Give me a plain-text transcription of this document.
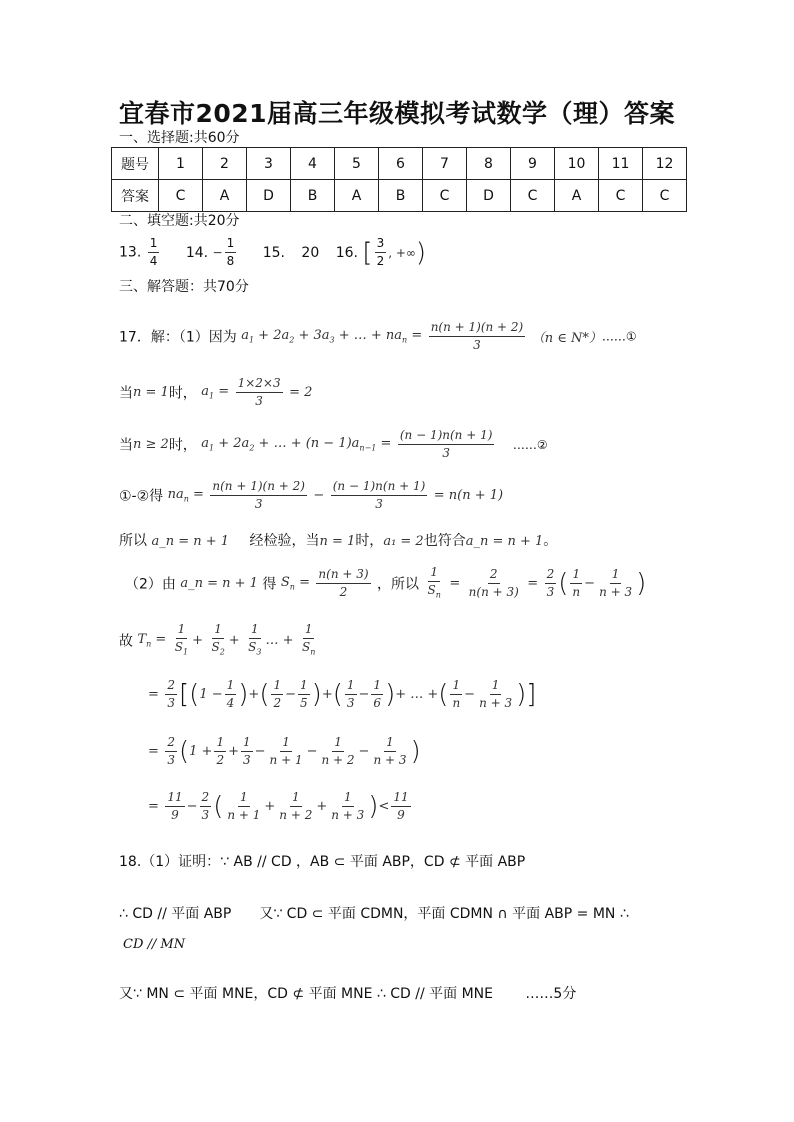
宜春市2021届高三年级模拟考试数学（理）答案
一、选择题:共60分
题号	1	2	3	4	5	6	7	8	9	10	11	12
答案	C	A	D	B	A	B	C	D	C	A	C	C
二、填空题:共20分
13. $\frac{1}{4} 14$. − $\frac{1}{8} 15$. 20 16. [ $\frac{3}{2}$ , +∞)
三、解答题：共70分
17．解：（1）因为 $a_1 + 2a_2 + 3a_3$ + … + $na_n = \frac{n(n + 1)(n + 2)}{3} (n$ ∈ N*）……①
当n = 1时， $a_1 = \frac{1\times 2\times 3}{3} = 2$
当n ≥ 2时， $a_1 + 2a_2$ + … + $(n - 1)a_{n-1} = \frac{(n - 1)n(n + 1)}{3}$ ……②
①-②得 $na_n = \frac{n(n + 1)(n + 2)}{3} - \frac{(n - 1)n(n + 1)}{3} = n(n + 1)$
所以 a_n = n + 1 经检验，当n = 1时，a₁ = 2也符合a_n = n + 1。
（2）由 a_n = n + 1 得 $S_n = \frac{n(n + 3)}{2}$ ，所以 $\frac{1}{S_n} = \frac{2}{n(n + 3)} = \frac{2}{3}$ ( $\frac{1}{n} - \frac{1}{n + 3}$ )
故 $T_n = \frac{1}{S_1} + \frac{1}{S_2} + \frac{1}{S_3}$ … + $\frac{1}{S_n}$
= $\frac{2}{3} [(1 - \frac{1}{4}$ )+( $\frac{1}{2} - \frac{1}{5}$ )+( $\frac{1}{3} - \frac{1}{6}$ )+ … +( $\frac{1}{n} - \frac{1}{n + 3}$ )]
= $\frac{2}{3} (1 + \frac{1}{2} + \frac{1}{3} - \frac{1}{n + 1} - \frac{1}{n + 2} - \frac{1}{n + 3}$ )
= $\frac{11}{9} - \frac{2}{3}$ ( $\frac{1}{n + 1} + \frac{1}{n + 2} + \frac{1}{n + 3}$ )< $\frac{11}{9}$
18.（1）证明：∵ AB // CD ，AB ⊂ 平面 ABP，CD ⊄ 平面 ABP
∴ CD // 平面 ABP　　又∵ CD ⊂ 平面 CDMN，平面 CDMN ∩ 平面 ABP = MN ∴
CD // MN
又∵ MN ⊂ 平面 MNE，CD ⊄ 平面 MNE ∴ CD // 平面 MNE ……5分
